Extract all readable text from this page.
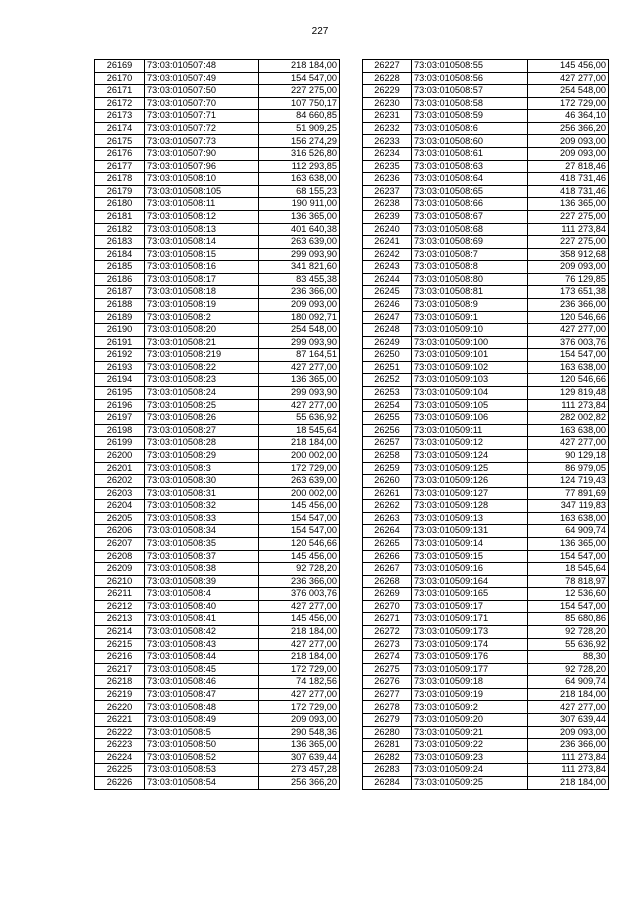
227
26169	73:03:010507:48	218 184,00
26170	73:03:010507:49	154 547,00
26171	73:03:010507:50	227 275,00
26172	73:03:010507:70	107 750,17
26173	73:03:010507:71	84 660,85
26174	73:03:010507:72	51 909,25
26175	73:03:010507:73	156 274,29
26176	73:03:010507:90	316 526,80
26177	73:03:010507:96	112 293,85
26178	73:03:010508:10	163 638,00
26179	73:03:010508:105	68 155,23
26180	73:03:010508:11	190 911,00
26181	73:03:010508:12	136 365,00
26182	73:03:010508:13	401 640,38
26183	73:03:010508:14	263 639,00
26184	73:03:010508:15	299 093,90
26185	73:03:010508:16	341 821,60
26186	73:03:010508:17	83 455,38
26187	73:03:010508:18	236 366,00
26188	73:03:010508:19	209 093,00
26189	73:03:010508:2	180 092,71
26190	73:03:010508:20	254 548,00
26191	73:03:010508:21	299 093,90
26192	73:03:010508:219	87 164,51
26193	73:03:010508:22	427 277,00
26194	73:03:010508:23	136 365,00
26195	73:03:010508:24	299 093,90
26196	73:03:010508:25	427 277,00
26197	73:03:010508:26	55 636,92
26198	73:03:010508:27	18 545,64
26199	73:03:010508:28	218 184,00
26200	73:03:010508:29	200 002,00
26201	73:03:010508:3	172 729,00
26202	73:03:010508:30	263 639,00
26203	73:03:010508:31	200 002,00
26204	73:03:010508:32	145 456,00
26205	73:03:010508:33	154 547,00
26206	73:03:010508:34	154 547,00
26207	73:03:010508:35	120 546,66
26208	73:03:010508:37	145 456,00
26209	73:03:010508:38	92 728,20
26210	73:03:010508:39	236 366,00
26211	73:03:010508:4	376 003,76
26212	73:03:010508:40	427 277,00
26213	73:03:010508:41	145 456,00
26214	73:03:010508:42	218 184,00
26215	73:03:010508:43	427 277,00
26216	73:03:010508:44	218 184,00
26217	73:03:010508:45	172 729,00
26218	73:03:010508:46	74 182,56
26219	73:03:010508:47	427 277,00
26220	73:03:010508:48	172 729,00
26221	73:03:010508:49	209 093,00
26222	73:03:010508:5	290 548,36
26223	73:03:010508:50	136 365,00
26224	73:03:010508:52	307 639,44
26225	73:03:010508:53	273 457,28
26226	73:03:010508:54	256 366,20
26227	73:03:010508:55	145 456,00
26228	73:03:010508:56	427 277,00
26229	73:03:010508:57	254 548,00
26230	73:03:010508:58	172 729,00
26231	73:03:010508:59	46 364,10
26232	73:03:010508:6	256 366,20
26233	73:03:010508:60	209 093,00
26234	73:03:010508:61	209 093,00
26235	73:03:010508:63	27 818,46
26236	73:03:010508:64	418 731,46
26237	73:03:010508:65	418 731,46
26238	73:03:010508:66	136 365,00
26239	73:03:010508:67	227 275,00
26240	73:03:010508:68	111 273,84
26241	73:03:010508:69	227 275,00
26242	73:03:010508:7	358 912,68
26243	73:03:010508:8	209 093,00
26244	73:03:010508:80	76 129,85
26245	73:03:010508:81	173 651,38
26246	73:03:010508:9	236 366,00
26247	73:03:010509:1	120 546,66
26248	73:03:010509:10	427 277,00
26249	73:03:010509:100	376 003,76
26250	73:03:010509:101	154 547,00
26251	73:03:010509:102	163 638,00
26252	73:03:010509:103	120 546,66
26253	73:03:010509:104	129 819,48
26254	73:03:010509:105	111 273,84
26255	73:03:010509:106	282 002,82
26256	73:03:010509:11	163 638,00
26257	73:03:010509:12	427 277,00
26258	73:03:010509:124	90 129,18
26259	73:03:010509:125	86 979,05
26260	73:03:010509:126	124 719,43
26261	73:03:010509:127	77 891,69
26262	73:03:010509:128	347 119,83
26263	73:03:010509:13	163 638,00
26264	73:03:010509:131	64 909,74
26265	73:03:010509:14	136 365,00
26266	73:03:010509:15	154 547,00
26267	73:03:010509:16	18 545,64
26268	73:03:010509:164	78 818,97
26269	73:03:010509:165	12 536,60
26270	73:03:010509:17	154 547,00
26271	73:03:010509:171	85 680,86
26272	73:03:010509:173	92 728,20
26273	73:03:010509:174	55 636,92
26274	73:03:010509:176	88,30
26275	73:03:010509:177	92 728,20
26276	73:03:010509:18	64 909,74
26277	73:03:010509:19	218 184,00
26278	73:03:010509:2	427 277,00
26279	73:03:010509:20	307 639,44
26280	73:03:010509:21	209 093,00
26281	73:03:010509:22	236 366,00
26282	73:03:010509:23	111 273,84
26283	73:03:010509:24	111 273,84
26284	73:03:010509:25	218 184,00
